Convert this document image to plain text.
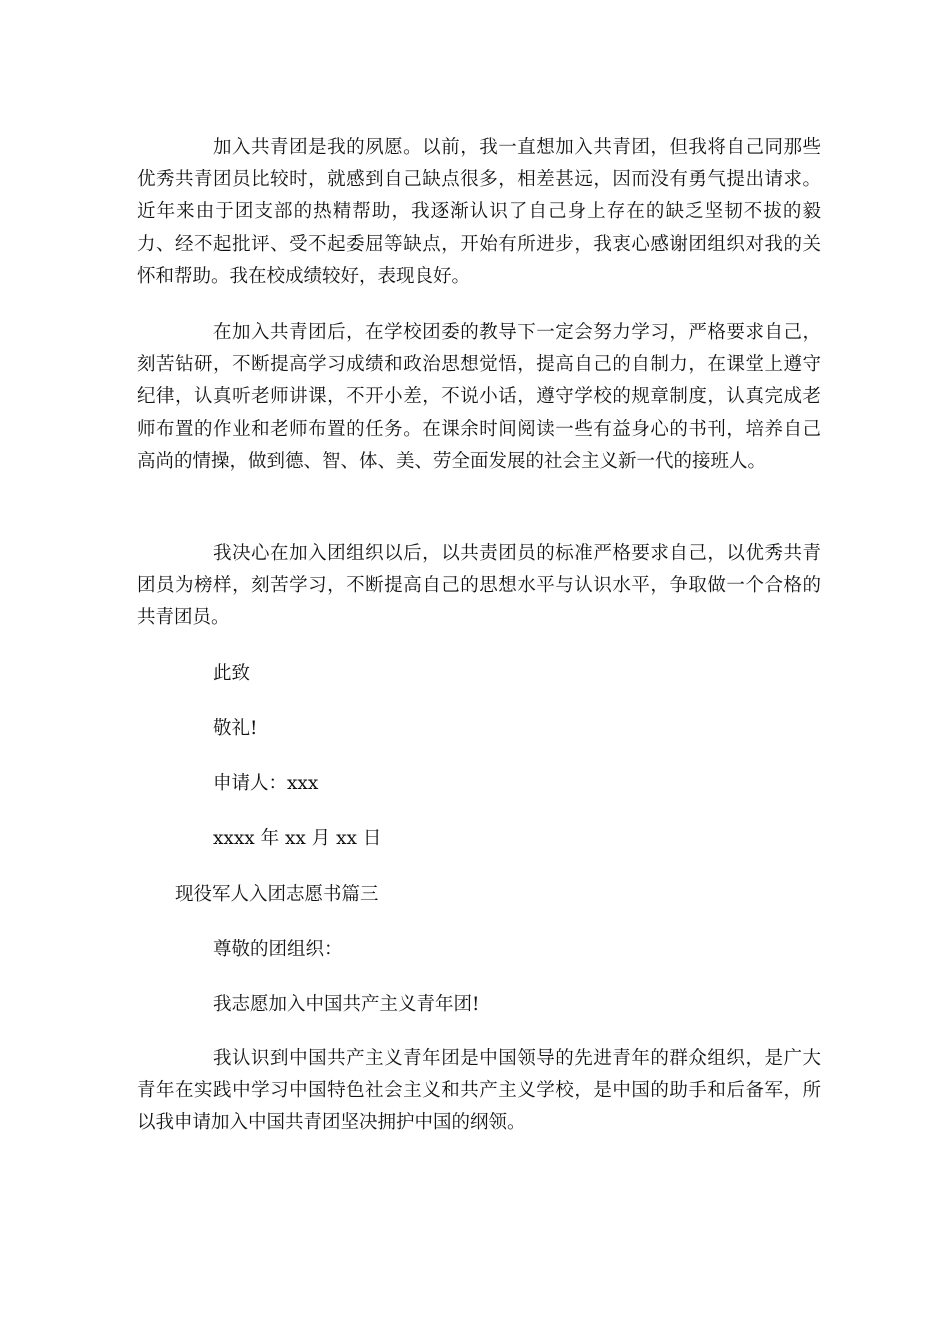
加入共青团是我的夙愿。以前，我一直想加入共青团，但我将自己同那些优秀共青团员比较时，就感到自己缺点很多，相差甚远，因而没有勇气提出请求。近年来由于团支部的热精帮助，我逐渐认识了自己身上存在的缺乏坚韧不拔的毅力、经不起批评、受不起委屈等缺点，开始有所进步，我衷心感谢团组织对我的关怀和帮助。我在校成绩较好，表现良好。

在加入共青团后，在学校团委的教导下一定会努力学习，严格要求自己，刻苦钻研，不断提高学习成绩和政治思想觉悟，提高自己的自制力，在课堂上遵守纪律，认真听老师讲课，不开小差，不说小话，遵守学校的规章制度，认真完成老师布置的作业和老师布置的任务。在课余时间阅读一些有益身心的书刊，培养自己高尚的情操，做到德、智、体、美、劳全面发展的社会主义新一代的接班人。

我决心在加入团组织以后，以共责团员的标准严格要求自己，以优秀共青团员为榜样，刻苦学习，不断提高自己的思想水平与认识水平，争取做一个合格的共青团员。

此致

敬礼!

申请人：xxx

xxxx 年 xx 月 xx 日

现役军人入团志愿书篇三

尊敬的团组织：

我志愿加入中国共产主义青年团!

我认识到中国共产主义青年团是中国领导的先进青年的群众组织，是广大青年在实践中学习中国特色社会主义和共产主义学校，是中国的助手和后备军，所以我申请加入中国共青团坚决拥护中国的纲领。
